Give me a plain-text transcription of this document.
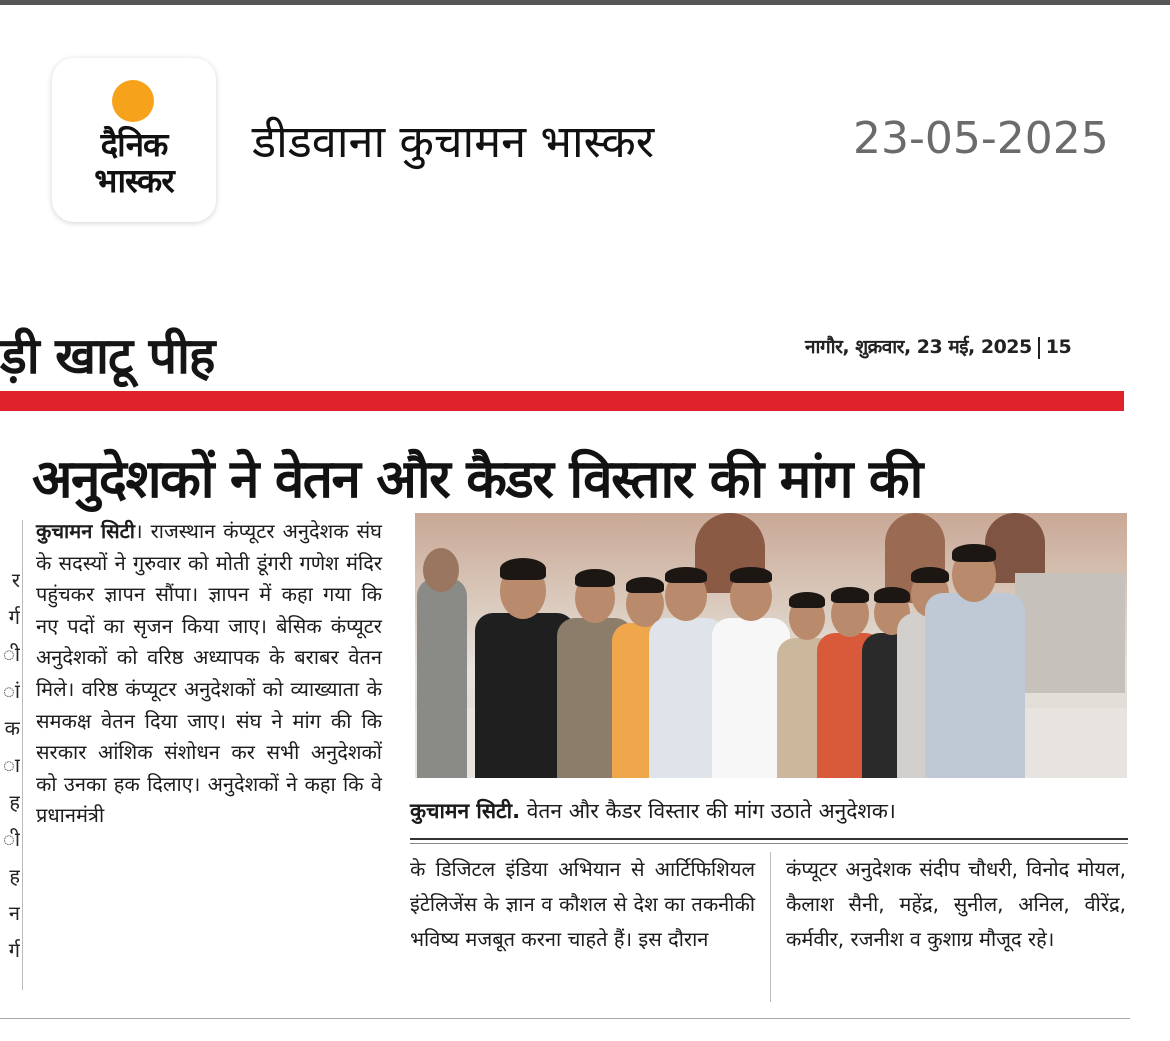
दैनिक
भास्कर
डीडवाना कुचामन भास्कर	23-05-2025
ड़ी खाटू पीह	नागौर, शुक्रवार, 23 मई, 2025 15
अनुदेशकों ने वेतन और कैडर विस्तार की मांग की
र
र्ग
ी
ां
क
ा
ह
ी
ह
न
र्ग
कुचामन सिटी। राजस्थान कंप्यूटर अनुदेशक संघ के सदस्यों ने गुरुवार को मोती डूंगरी गणेश मंदिर पहुंचकर ज्ञापन सौंपा। ज्ञापन में कहा गया कि नए पदों का सृजन किया जाए। बेसिक कंप्यूटर अनुदेशकों को वरिष्ठ अध्यापक के बराबर वेतन मिले। वरिष्ठ कंप्यूटर अनुदेशकों को व्याख्याता के समकक्ष वेतन दिया जाए। संघ ने मांग की कि सरकार आंशिक संशोधन कर सभी अनुदेशकों को उनका हक दिलाए। अनुदेशकों ने कहा कि वे प्रधानमंत्री	कुचामन सिटी. वेतन और कैडर विस्तार की मांग उठाते अनुदेशक।
के डिजिटल इंडिया अभियान से आर्टिफिशियल इंटेलिजेंस के ज्ञान व कौशल से देश का तकनीकी भविष्य मजबूत करना चाहते हैं। इस दौरान
कंप्यूटर अनुदेशक संदीप चौधरी, विनोद मोयल, कैलाश सैनी, महेंद्र, सुनील, अनिल, वीरेंद्र, कर्मवीर, रजनीश व कुशाग्र मौजूद रहे।
